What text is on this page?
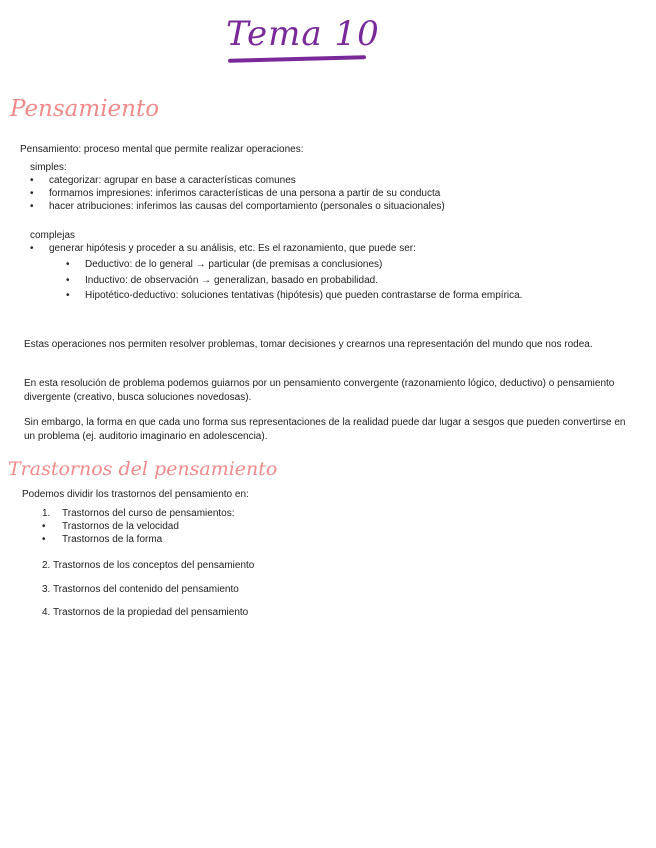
Tema 10
Pensamiento
Pensamiento: proceso mental que permite realizar operaciones:
simples:
• categorizar: agrupar en base a características comunes
• formamos impresiones: inferimos características de una persona a partir de su conducta
• hacer atribuciones: inferimos las causas del comportamiento (personales o situacionales)
complejas
• generar hipótesis y proceder a su análisis, etc. Es el razonamiento, que puede ser:
• Deductivo: de lo general → particular (de premisas a conclusiones)
• Inductivo: de observación → generalizan, basado en probabilidad.
• Hipotético-deductivo: soluciones tentativas (hipótesis) que pueden contrastarse de forma empírica.
Estas operaciones nos permiten resolver problemas, tomar decisiones y crearnos una representación del mundo que nos rodea.
En esta resolución de problema podemos guiarnos por un pensamiento convergente (razonamiento lógico, deductivo) o pensamiento divergente (creativo, busca soluciones novedosas).
Sin embargo, la forma en que cada uno forma sus representaciones de la realidad puede dar lugar a sesgos que pueden convertirse en un problema (ej. auditorio imaginario en adolescencia).
Trastornos del pensamiento
Podemos dividir los trastornos del pensamiento en:
1. Trastornos del curso de pensamientos:
• Trastornos de la velocidad
• Trastornos de la forma
2. Trastornos de los conceptos del pensamiento
3. Trastornos del contenido del pensamiento
4. Trastornos de la propiedad del pensamiento
